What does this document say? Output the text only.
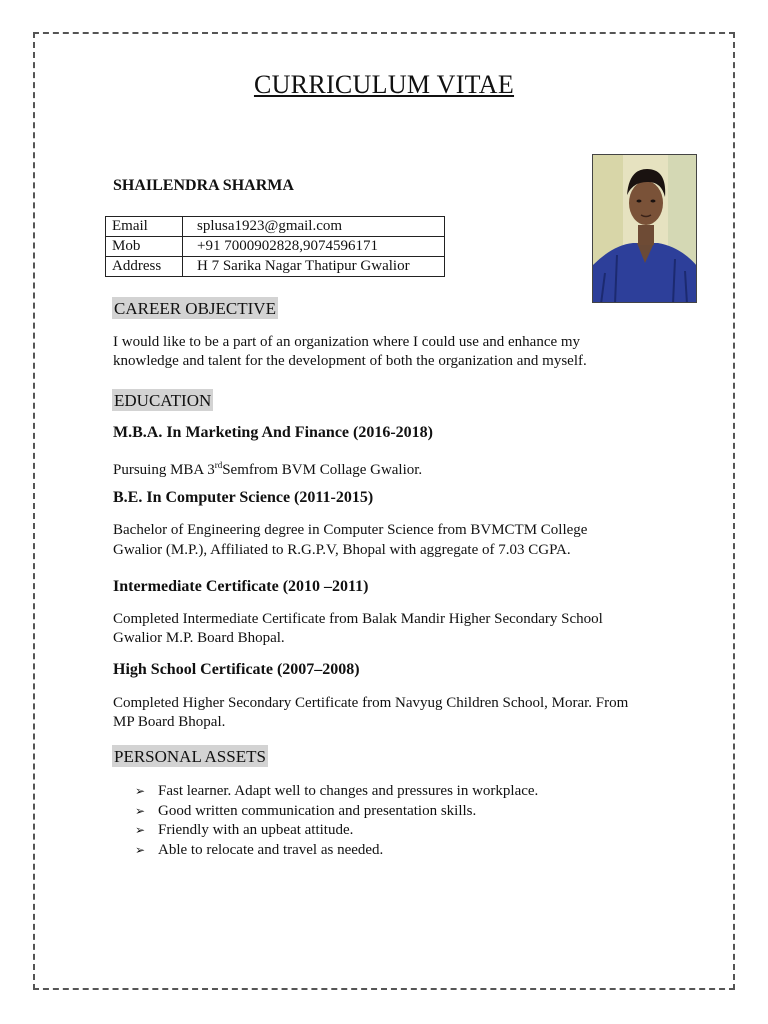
CURRICULUM VITAE
SHAILENDRA SHARMA
Email	splusa1923@gmail.com
Mob	+91 7000902828,9074596171
Address	H 7 Sarika Nagar Thatipur Gwalior
CAREER OBJECTIVE
I would like to be a part of an organization where I could use and enhance my
knowledge and talent for the development of both the organization and myself.
EDUCATION
M.B.A. In Marketing And Finance (2016-2018)
Pursuing MBA 3rdSemfrom BVM Collage Gwalior.
B.E. In Computer Science (2011-2015)
Bachelor of Engineering degree in Computer Science from BVMCTM College
Gwalior (M.P.), Affiliated to R.G.P.V, Bhopal with aggregate of 7.03 CGPA.
Intermediate Certificate (2010 –2011)
Completed Intermediate Certificate from Balak Mandir Higher Secondary School
Gwalior M.P. Board Bhopal.
High School Certificate (2007–2008)
Completed Higher Secondary Certificate from Navyug Children School, Morar. From
MP Board Bhopal.
PERSONAL ASSETS
➢ Fast learner. Adapt well to changes and pressures in workplace.
➢ Good written communication and presentation skills.
➢ Friendly with an upbeat attitude.
➢ Able to relocate and travel as needed.
